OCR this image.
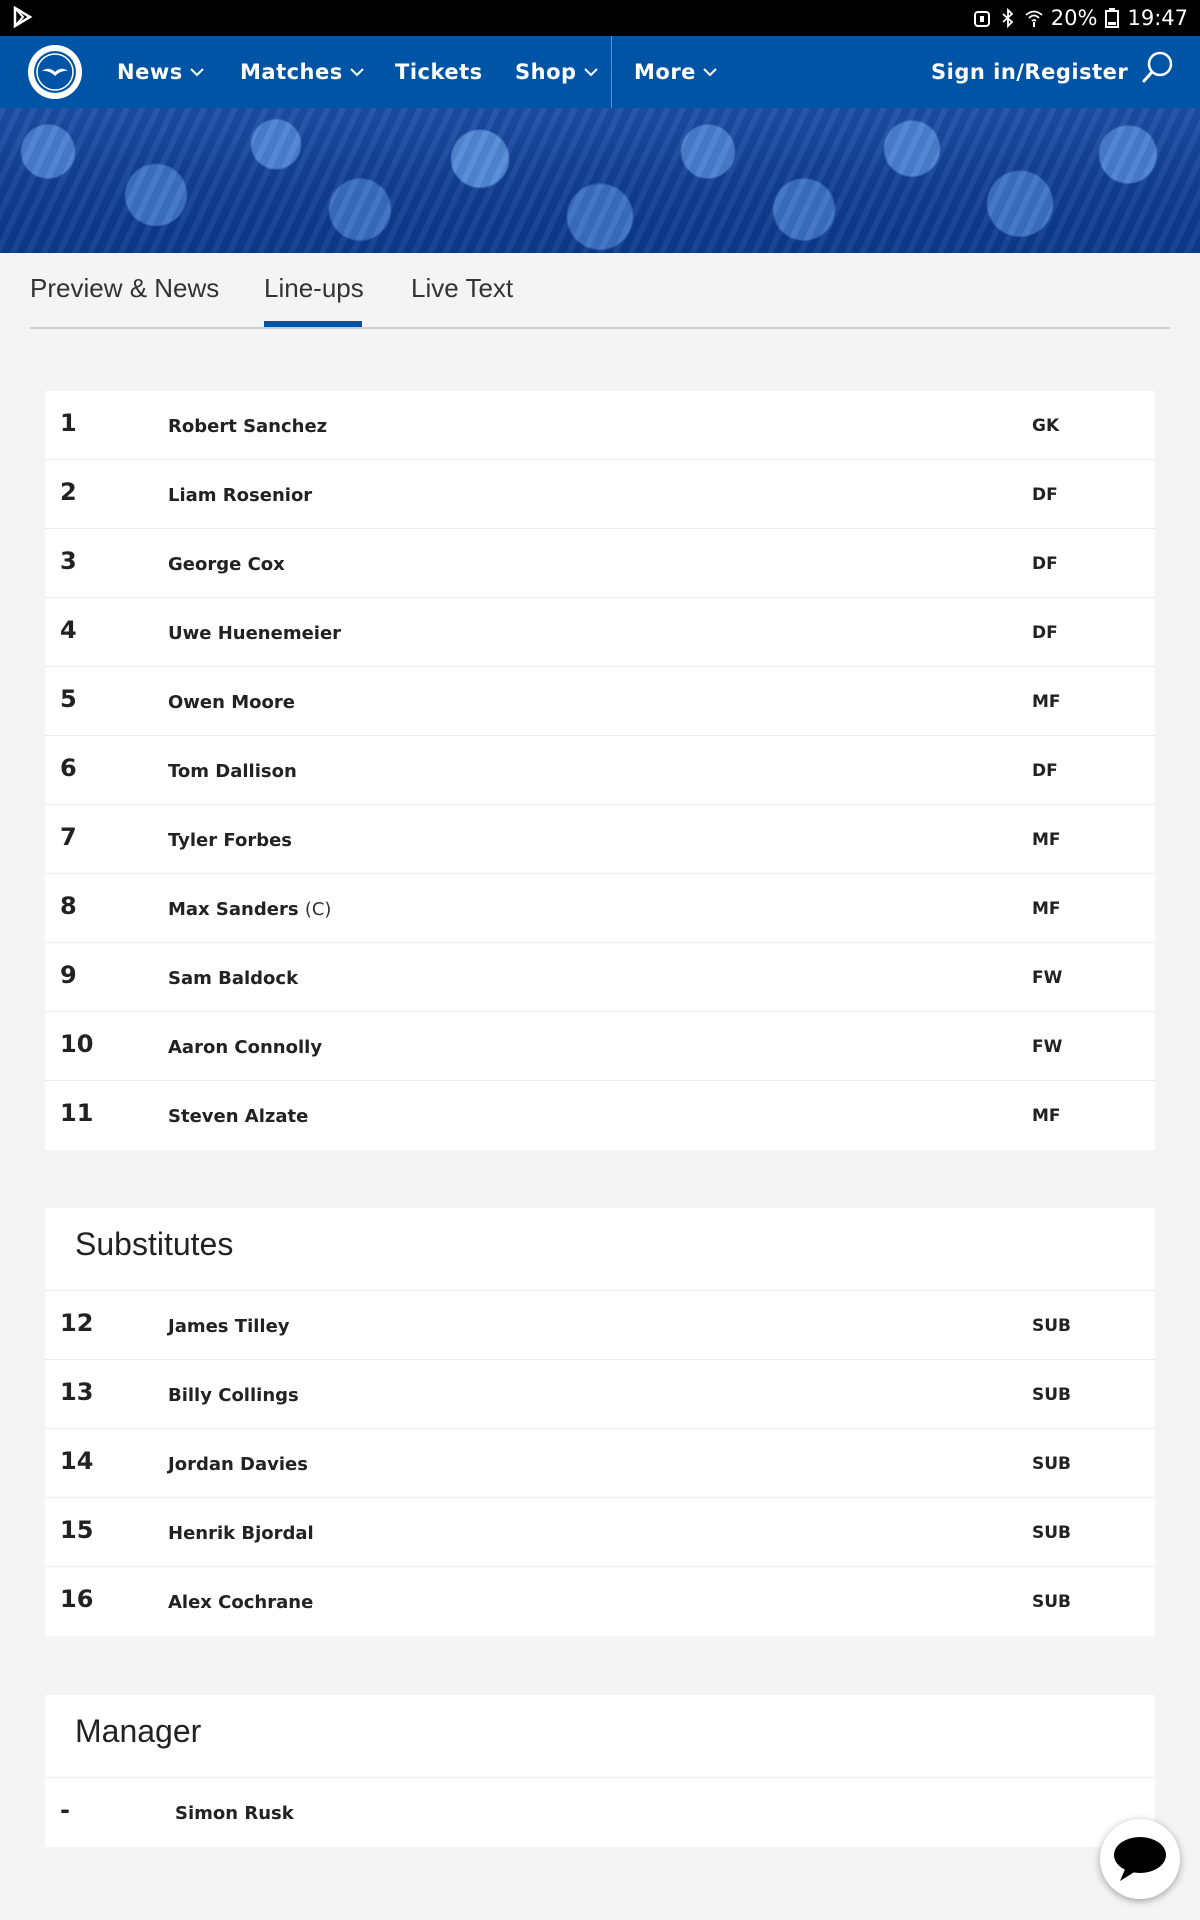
20% 19:47
News	Matches Tickets Shop	More	Sign in/Register
Preview & News Line-ups Live Text
1	Robert Sanchez	GK
2	Liam Rosenior	DF
3	George Cox	DF
4	Uwe Huenemeier	DF
5	Owen Moore	MF
6	Tom Dallison	DF
7	Tyler Forbes	MF
8	Max Sanders (C)	MF
9	Sam Baldock	FW
10	Aaron Connolly	FW
11	Steven Alzate	MF
Substitutes
12	James Tilley	SUB
13	Billy Collings	SUB
14	Jordan Davies	SUB
15	Henrik Bjordal	SUB
16	Alex Cochrane	SUB
Manager
-	Simon Rusk
